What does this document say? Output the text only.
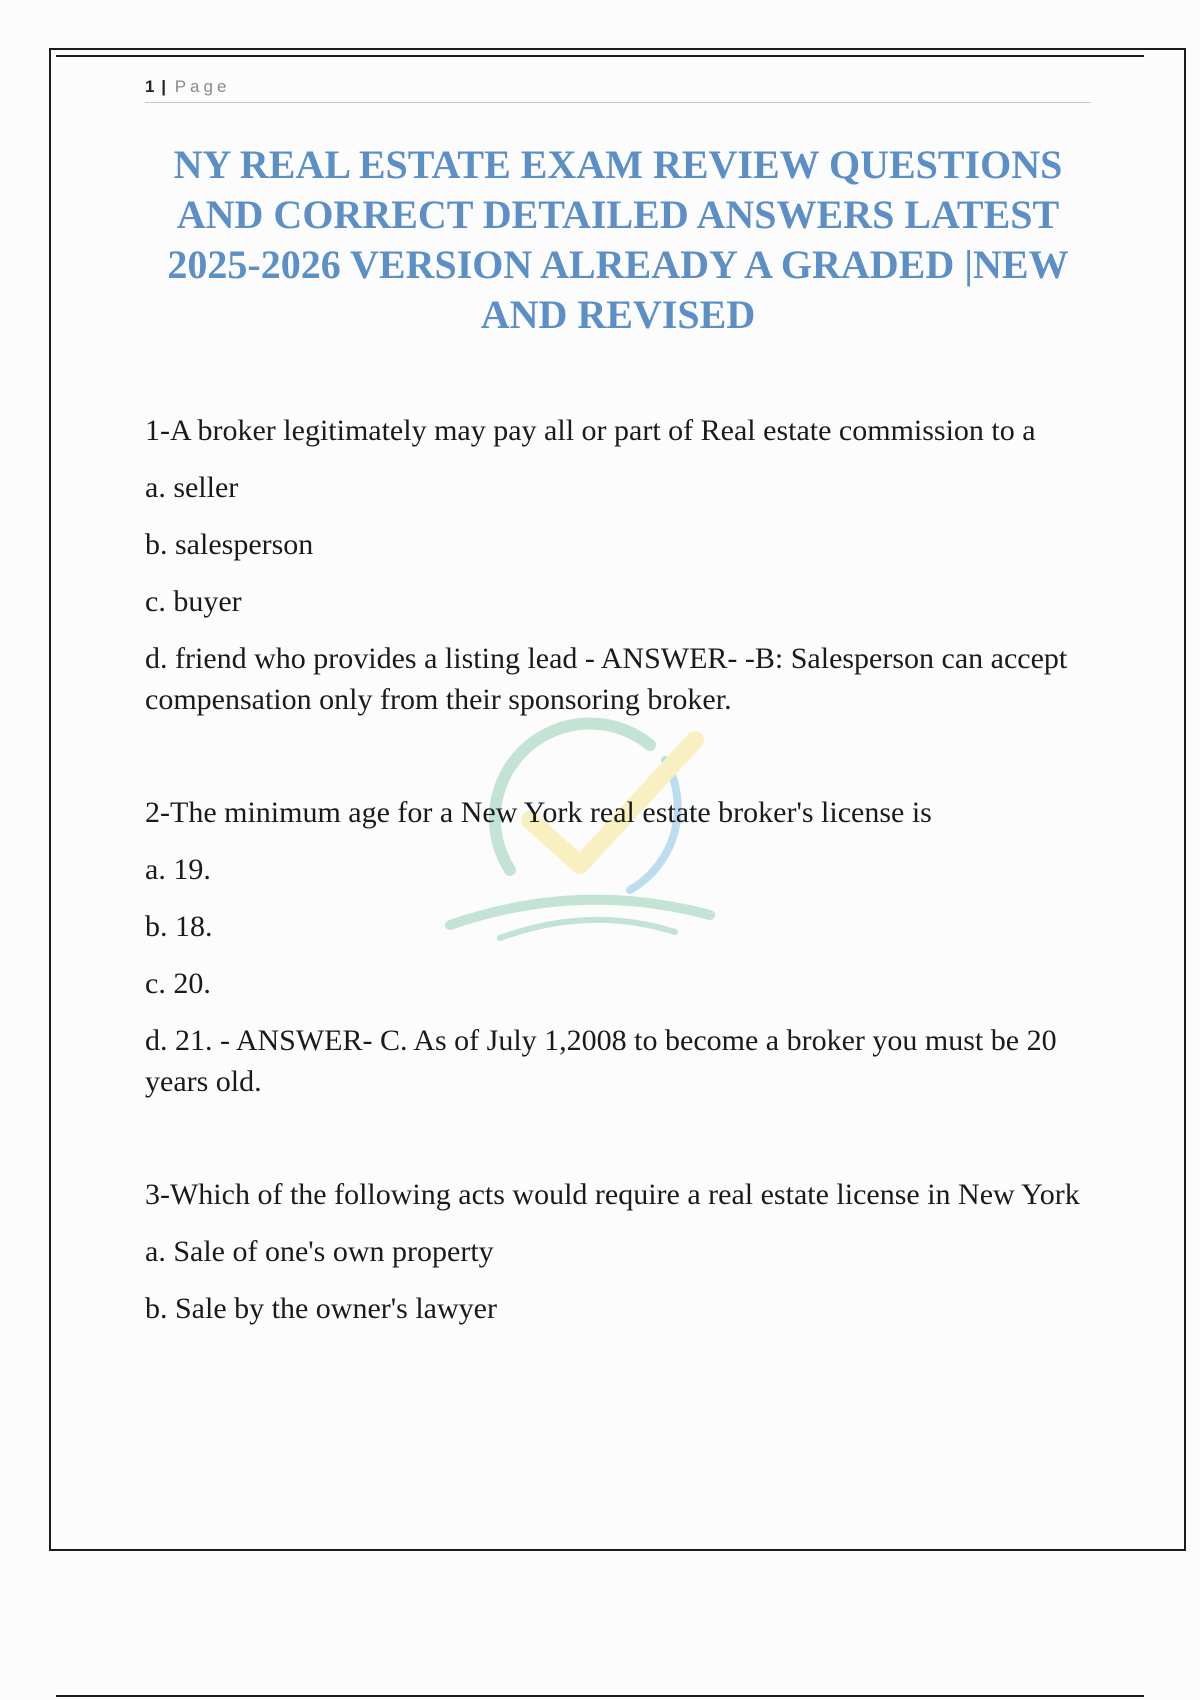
1 | Page
NY REAL ESTATE EXAM REVIEW QUESTIONS AND CORRECT DETAILED ANSWERS LATEST 2025-2026 VERSION ALREADY A GRADED |NEW AND REVISED

1-A broker legitimately may pay all or part of Real estate commission to a

a. seller

b. salesperson

c. buyer

d. friend who provides a listing lead - ANSWER- -B: Salesperson can accept compensation only from their sponsoring broker.

2-The minimum age for a New York real estate broker's license is

a. 19.

b. 18.

c. 20.

d. 21. - ANSWER- C. As of July 1,2008 to become a broker you must be 20 years old.

3-Which of the following acts would require a real estate license in New York

a. Sale of one's own property

b. Sale by the owner's lawyer
